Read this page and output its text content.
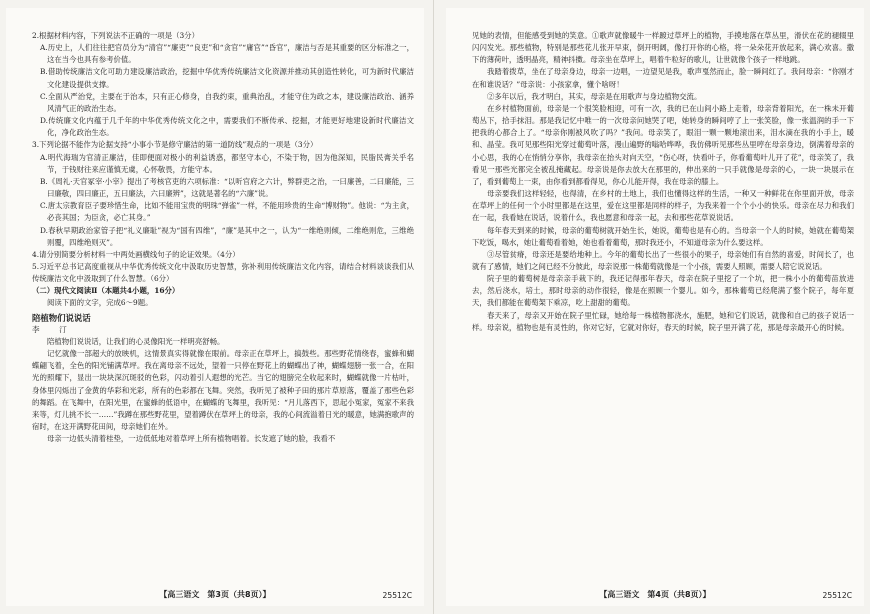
2.根据材料内容，下列说法不正确的一项是（3分）

A.历史上，人们往往把官员分为“清官”“廉吏”“良吏”和“贪官”“庸官”“昏官”，廉洁与否是其重要的区分标准之一，这在当今也具有参考价值。

B.借助传统廉洁文化可助力建设廉洁政治，挖掘中华优秀传统廉洁文化资源并推动其创造性转化，可为新时代廉洁文化建设提供支撑。

C.全面从严治党，主要在于治本，只有正心修身，自我约束，重典治乱，才能守住为政之本，建设廉洁政治、涵养风清气正的政治生态。

D.传统廉文化内蕴于几千年的中华优秀传统文化之中，需要我们不断传承、挖掘，才能更好地建设新时代廉洁文化，净化政治生态。

3.下列论据不能作为论据支持“小事小节是修守廉洁的第一道防线”观点的一项是（3分）

A.明代海瑞为官清正廉洁，佳即便面对极小的利益诱惑，都坚守本心，不染于物，因为他深知，民脂民膏关乎名节，于钱财往来应谨慎无虞，心怀敬畏，方能守本。

B.《周礼·天官冢宰·小宰》提出了考核官吏的六项标准：“以听官府之六计，弊群吏之治，一曰廉善，二曰廉能，三曰廉敬，四曰廉正，五曰廉法，六曰廉辨”，这就是著名的“六廉”说。

C.唐太宗教育臣子要珍惜生命，比如不能用宝贵的明珠“弹雀”一样，不能用珍贵的生命“博财物”。他说：“为主贪，必丧其国；为臣贪，必亡其身。”

D.春秋早期政治家管子把“礼义廉耻”视为“国有四维”，“廉”是其中之一，认为“一维绝则倾，二维绝则危，三维绝则覆，四维绝则灭”。

4.请分别简要分析材料一中两处画横线句子的论证效果。（4分）

5.习近平总书记高度重视从中华优秀传统文化中汲取历史智慧，弥补利用传统廉洁文化内容，请结合材料谈谈我们从传统廉洁文化中汲取到了什么智慧。（6分）

（二）现代文阅读Ⅱ（本题共4小题，16分）

阅读下面的文字，完成6～9题。

陪植物们说说话

李　汀

陪植物们说说话，让我们的心灵像阳光一样明亮舒畅。

记忆就像一部超大的放映机，这情景真实得就像在眼前。母亲正在草坪上，搞鼓些。那些野花情绕春，蜜蜂和蝴蝶翩飞着，全色的阳光铺满草坪。我在离母亲不远处，望着一只停在野花上的蝴蝶出了神，蝴蝶翅膀一张一合，在阳光的照耀下，显出一块块深沉斑驳的色彩，闪动着引人遐想的光芒。当它的翅膀完全收起来时，蝴蝶就像一片枯叶，身体里闪烁出了金黄的华彩和光彩，所有的色彩都在飞舞。突然，我听见了被种子田的那片草原落，覆盖了那些色彩的舞蹈。在飞舞中，在阳光里，在蜜蜂的低语中，在蝴蝶的飞舞里，我听见：“月儿落西下，思起小冤家，冤家不来我来等，灯儿挑不长一……”我蹲在那些野花里，望着蹲伏在草坪上的母亲，我的心间流溢着日光的暖意，她满抱歌声的宿时，在这开满野花田间，母亲她们在外。

母亲一边低头清着桂垫，一边低低地对着草坪上所有植物唱着。长发遮了她的脸，我看不

【高三语文　第3页（共8页）】	25512C

见她的表情，但能感受到她的笑意。①歌声就像暖牛一样踱过草坪上的植物，手摸地落在草丛里，滑伏在花的褪辍里闪闪发光。那些植物，特别是那些花儿张开早束，倒开明阔，像打开你的心格，将一朵朵花开放起来，满心欢喜。撒下的薄荷叶，透明晶亮，精神抖擞。母亲坐在草坪上，唱着牛粒好的歌儿，让世就像个孩子一样地跳。

我踏着拨草，坐在了母亲身边，母亲一边唱，一边望见是我，歌声戛然而止，脸一瞬间红了。我问母亲：“你刚才在和谁说话？”母亲说：小孩家拿，懂个啥呀！

②多年以后，我才明白，其实，母亲是在用歌声与身边植物交流。

在乡村植物面前，母亲是一个很笑脸相迎，可有一次，我的已在山间小路上走着，母亲背着阳光，在一株未开葡萄丛下，拾手抹泪。那是我记忆中唯一的一次母亲问她哭了吧，她转身的瞬间哼了上一张笑脸，像一张温润的手一下把我的心都合上了。“母亲你刚被风吹了吗？”我问。母亲笑了，眼泪一颗一颗地滚出来，泪水滴在我的小手上，暖和、晶莹。我可见那些阳光穿过葡萄叶落，漫山遍野的嗡哈哗哗，我仿佛听见那些丛里哼在母亲身边，倒满着母亲的小心思，我的心在悄悄分享你，我母亲在抬头对向天空，“伤心呀，快看叶子，你看葡萄叶儿开了花”，母亲笑了，我看见一那些光都完全被乱掩藏起。母亲说是你去放大在那里的，伸出来的一只手就像是母亲的心，一块一块展示在了，看到葡萄上一束，由你看到都看得见，你心儿能开得，我在母亲的膝上。

母亲要我们这样轻轻，也得清，在乡村的土地上，我们也懂得这样的生活，一种又一种鲜花在你里面开放，母亲在草坪上的任何一个小时里都是在这里，爱在这里都是同样的样子，为我来着一个个小小的快乐。母亲在尽力和我们在一起，我看她在说话，说着什么，我也愿意和母亲一起，去和那些花草说说话。

每年春天到来的时候，母亲的葡萄树就开始生长，她说，葡萄也是有心的。当母亲一个人的时候，她就在葡萄架下吃饭，喝水，她让葡萄看着她，她也看着葡萄，那时我还小，不知道母亲为什么要这样。

③尽管贫瘠，母亲还是要给地种上。今年的葡萄长出了一些很小的果子，母亲她们有自然的喜爱，时间长了，也就有了感情，她们之间已经不分彼此，母亲说那一株葡萄就像是一个小孩，需要人照顾，需要人陪它说说话。

院子里的葡萄树是母亲亲手栽下的，我还记得那年春天，母亲在院子里挖了一个坑，把一株小小的葡萄苗放进去，然后浇水，培土，那时母亲的动作很轻，像是在照顾一个婴儿。如今，那株葡萄已经爬满了整个院子，每年夏天，我们都能在葡萄架下乘凉，吃上甜甜的葡萄。

春天来了，母亲又开始在院子里忙碌，她给每一株植物都浇水，施肥，她和它们说话，就像和自己的孩子说话一样。母亲说，植物也是有灵性的，你对它好，它就对你好，春天的时候，院子里开满了花，那是母亲最开心的时候。

【高三语文　第4页（共8页）】	25512C
